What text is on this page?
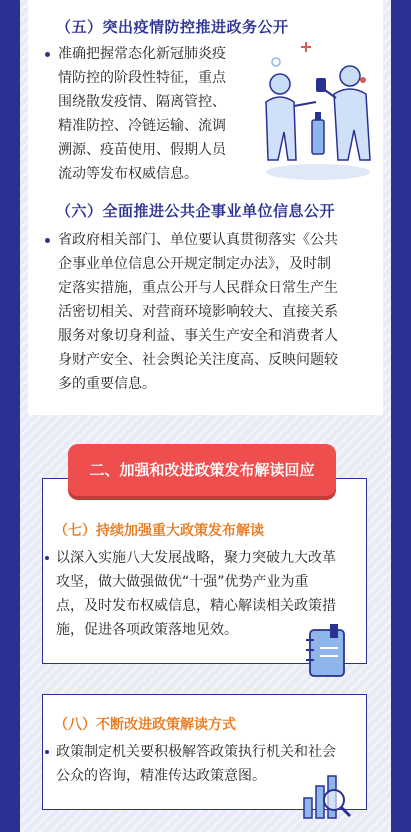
（五）突出疫情防控推进政务公开

准确把握常态化新冠肺炎疫

情防控的阶段性特征，重点

围绕散发疫情、隔离管控、

精准防控、冷链运输、流调

溯源、疫苗使用、假期人员

流动等发布权威信息。

（六）全面推进公共企事业单位信息公开

省政府相关部门、单位要认真贯彻落实《公共

企事业单位信息公开规定制定办法》，及时制

定落实措施，重点公开与人民群众日常生产生

活密切相关、对营商环境影响较大、直接关系

服务对象切身利益、事关生产安全和消费者人

身财产安全、社会舆论关注度高、反映问题较

多的重要信息。

二、加强和改进政策发布解读回应
（七）持续加强重大政策发布解读
以深入实施八大发展战略，聚力突破九大改革
攻坚，做大做强做优“十强”优势产业为重
点，及时发布权威信息，精心解读相关政策措
施，促进各项政策落地见效。
（八）不断改进政策解读方式
政策制定机关要积极解答政策执行机关和社会
公众的咨询，精准传达政策意图。
